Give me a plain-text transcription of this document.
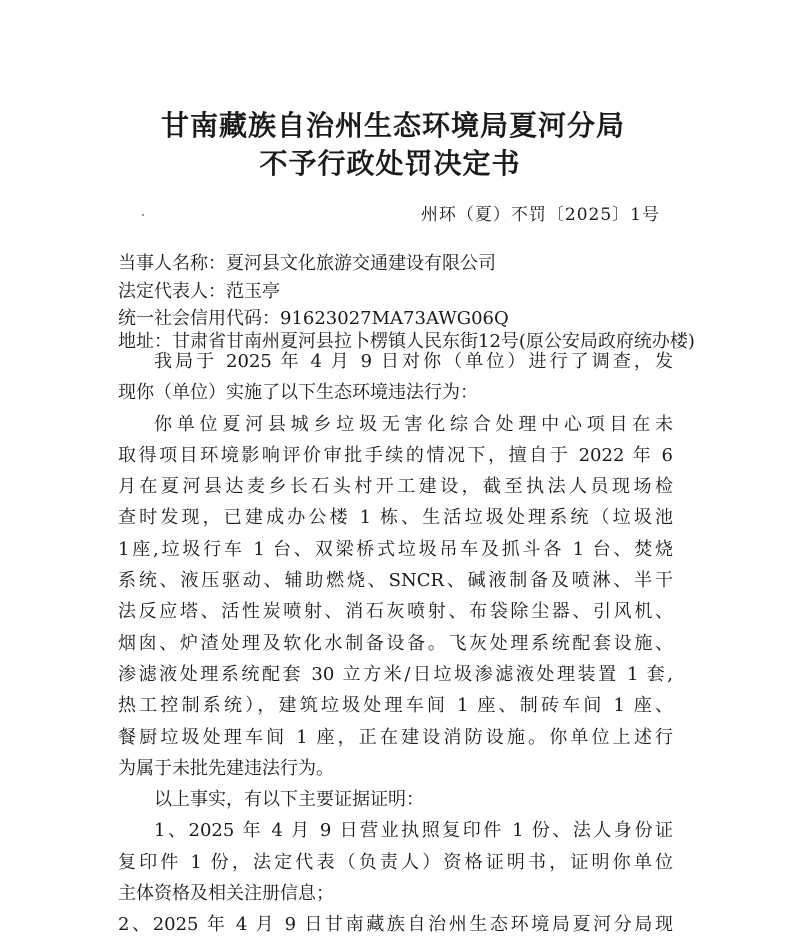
甘南藏族自治州生态环境局夏河分局
不予行政处罚决定书
州环（夏）不罚〔2025〕1号
当事人名称：夏河县文化旅游交通建设有限公司
法定代表人：范玉亭
统一社会信用代码：91623027MA73AWG06Q
地址：甘肃省甘南州夏河县拉卜楞镇人民东街12号(原公安局政府统办楼)
我局于 2025 年 4 月 9 日对你（单位）进行了调查，发
现你（单位）实施了以下生态环境违法行为：
你单位夏河县城乡垃圾无害化综合处理中心项目在未
取得项目环境影响评价审批手续的情况下，擅自于 2022 年 6
月在夏河县达麦乡长石头村开工建设，截至执法人员现场检
查时发现，已建成办公楼 1 栋、生活垃圾处理系统（垃圾池
1座,垃圾行车 1 台、双梁桥式垃圾吊车及抓斗各 1 台、焚烧
系统、液压驱动、辅助燃烧、SNCR、碱液制备及喷淋、半干
法反应塔、活性炭喷射、消石灰喷射、布袋除尘器、引风机、
烟囱、炉渣处理及软化水制备设备。飞灰处理系统配套设施、
渗滤液处理系统配套 30 立方米/日垃圾渗滤液处理装置 1 套,
热工控制系统），建筑垃圾处理车间 1 座、制砖车间 1 座、
餐厨垃圾处理车间 1 座，正在建设消防设施。你单位上述行
为属于未批先建违法行为。
以上事实，有以下主要证据证明：
1、2025 年 4 月 9 日营业执照复印件 1 份、法人身份证
复印件 1 份，法定代表（负责人）资格证明书，证明你单位
主体资格及相关注册信息；
2、2025 年 4 月 9 日甘南藏族自治州生态环境局夏河分局现
